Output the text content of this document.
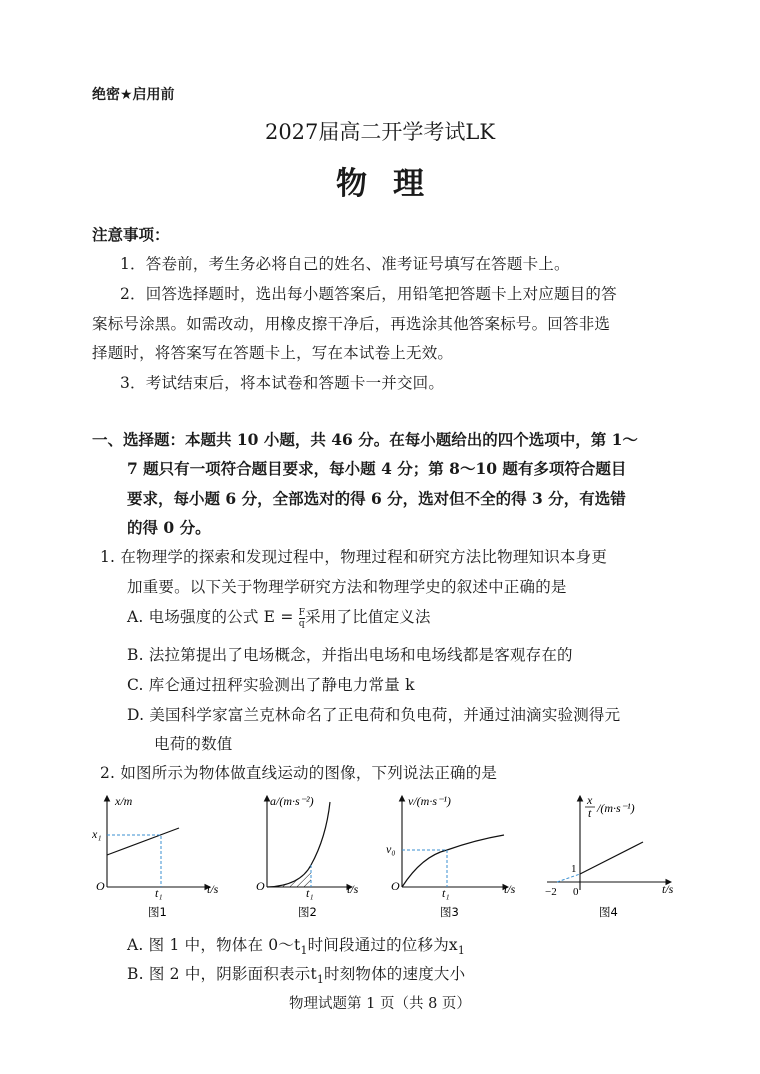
绝密★启用前
2027届高二开学考试LK
物理
注意事项：
1．答卷前，考生务必将自己的姓名、准考证号填写在答题卡上。
2．回答选择题时，选出每小题答案后，用铅笔把答题卡上对应题目的答
案标号涂黑。如需改动，用橡皮擦干净后，再选涂其他答案标号。回答非选
择题时，将答案写在答题卡上，写在本试卷上无效。
3．考试结束后，将本试卷和答题卡一并交回。
一、选择题：本题共 10 小题，共 46 分。在每小题给出的四个选项中，第 1～
7 题只有一项符合题目要求，每小题 4 分；第 8～10 题有多项符合题目
要求，每小题 6 分，全部选对的得 6 分，选对但不全的得 3 分，有选错
的得 0 分。
1. 在物理学的探索和发现过程中，物理过程和研究方法比物理知识本身更
加重要。以下关于物理学研究方法和物理学史的叙述中正确的是
A. 电场强度的公式 $E = \frac{F}{q}$ 采用了比值定义法
B. 法拉第提出了电场概念，并指出电场和电场线都是客观存在的
C. 库仑通过扭秤实验测出了静电力常量 k
D. 美国科学家富兰克林命名了正电荷和负电荷，并通过油滴实验测得元
电荷的数值
2. 如图所示为物体做直线运动的图像，下列说法正确的是
x/m
x₁
O	t₁	t/s
图1
a/(m·s⁻²)
O	t₁	t/s
图2
v/(m·s⁻¹)
v₀
O	t₁	t/s
图3
x
t /(m·s⁻¹)
1
−2 0	t/s
图4
A. 图 1 中，物体在 $0\sim t_1$时间段通过的位移为$x_1$
B. 图 2 中，阴影面积表示$t_1$时刻物体的速度大小
物理试题第 1 页（共 8 页）
